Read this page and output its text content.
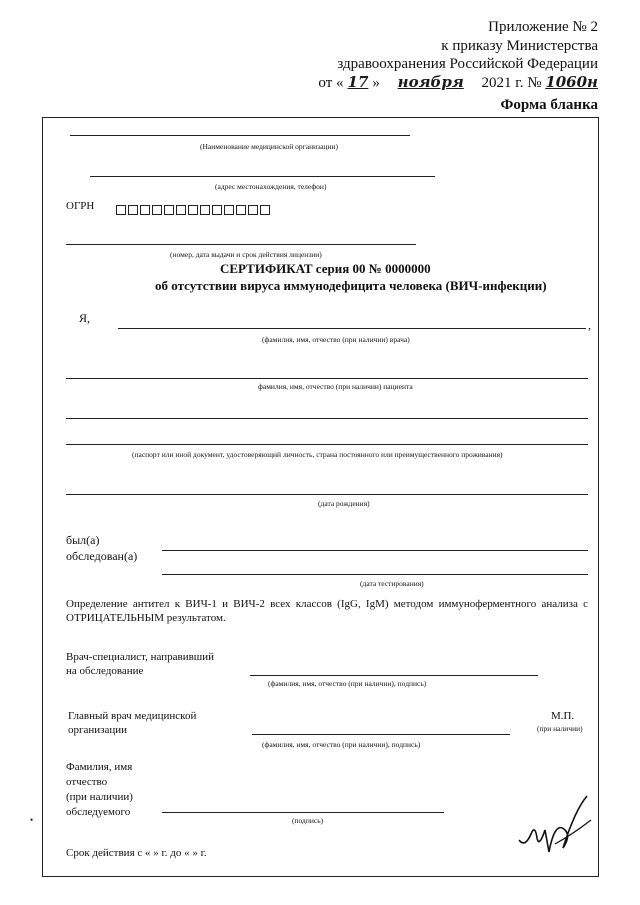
Приложение № 2
к приказу Министерства
здравоохранения Российской Федерации
от « 17 » ноября 2021 г. № 1060н
Форма бланка
(Наименование медицинской организации)
(адрес местонахождения, телефон)
ОГРН
(номер, дата выдачи и срок действия лицензии)
СЕРТИФИКАТ серия 00 № 0000000
об отсутствии вируса иммунодефицита человека (ВИЧ-инфекции)
Я,	,
(фамилия, имя, отчество (при наличии) врача)
фамилия, имя, отчество (при наличии) пациента
(паспорт или иной документ, удостоверяющий личность, страна постоянного или преимущественного проживания)
(дата рождения)
был(а)
обследован(а)
(дата тестирования)
Определение антител к ВИЧ-1 и ВИЧ-2 всех классов (IgG, IgM) методом иммуноферментного анализа с ОТРИЦАТЕЛЬНЫМ результатом.
Врач-специалист, направивший
на обследование
(фамилия, имя, отчество (при наличии), подпись)
Главный врач медицинской
организации
(фамилия, имя, отчество (при наличии), подпись)
М.П.
(при наличии)
Фамилия, имя
отчество
(при наличии)
обследуемого
(подпись)
Срок действия с « » г. до « » г.
•
